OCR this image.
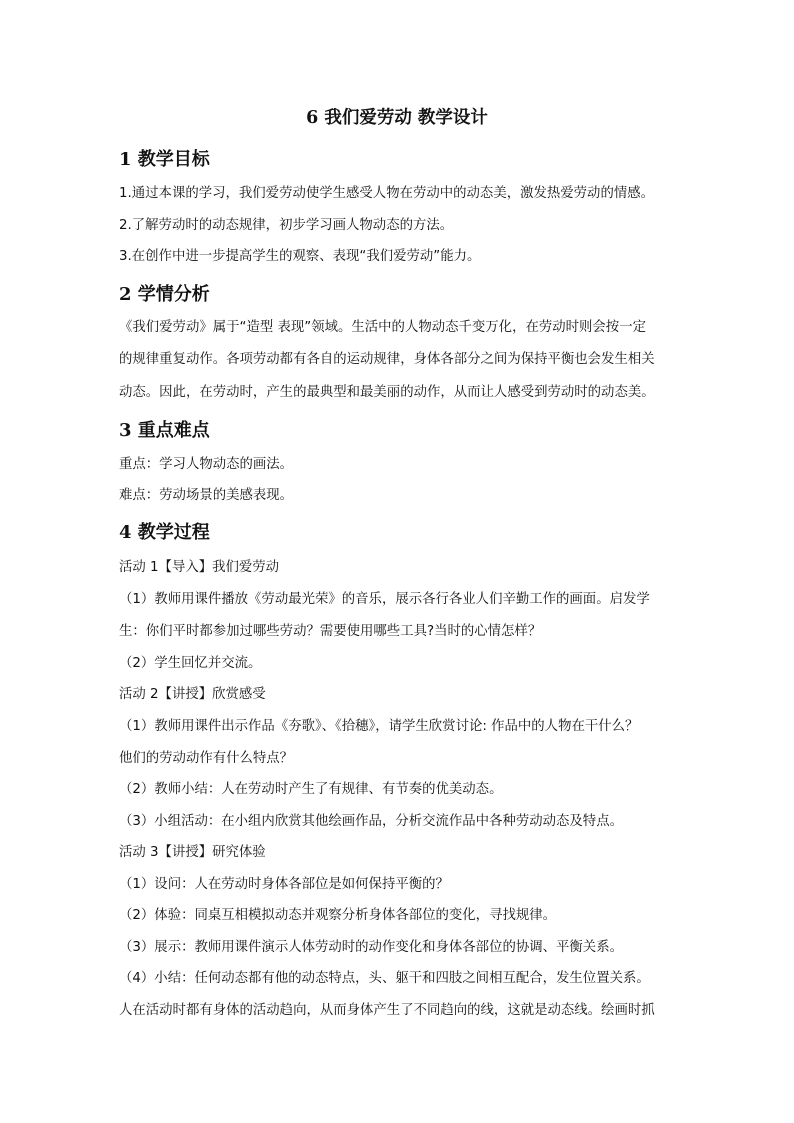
6 我们爱劳动 教学设计
1 教学目标
1.通过本课的学习，我们爱劳动使学生感受人物在劳动中的动态美，激发热爱劳动的情感。
2.了解劳动时的动态规律，初步学习画人物动态的方法。
3.在创作中进一步提高学生的观察、表现“我们爱劳动”能力。
2 学情分析
《我们爱劳动》属于“造型 表现”领域。生活中的人物动态千变万化，在劳动时则会按一定
的规律重复动作。各项劳动都有各自的运动规律，身体各部分之间为保持平衡也会发生相关
动态。因此，在劳动时，产生的最典型和最美丽的动作，从而让人感受到劳动时的动态美。
3 重点难点
重点：学习人物动态的画法。
难点：劳动场景的美感表现。
4 教学过程
活动 1【导入】我们爱劳动
（1）教师用课件播放《劳动最光荣》的音乐，展示各行各业人们辛勤工作的画面。启发学
生：你们平时都参加过哪些劳动？需要使用哪些工具?当时的心情怎样？
（2）学生回忆并交流。
活动 2【讲授】欣赏感受
（1）教师用课件出示作品《夯歌》、《拾穗》，请学生欣赏讨论: 作品中的人物在干什么？
他们的劳动动作有什么特点？
（2）教师小结：人在劳动时产生了有规律、有节奏的优美动态。
（3）小组活动：在小组内欣赏其他绘画作品，分析交流作品中各种劳动动态及特点。
活动 3【讲授】研究体验
（1）设问：人在劳动时身体各部位是如何保持平衡的？
（2）体验：同桌互相模拟动态并观察分析身体各部位的变化，寻找规律。
（3）展示：教师用课件演示人体劳动时的动作变化和身体各部位的协调、平衡关系。
（4）小结：任何动态都有他的动态特点，头、躯干和四肢之间相互配合，发生位置关系。
人在活动时都有身体的活动趋向，从而身体产生了不同趋向的线，这就是动态线。绘画时抓
